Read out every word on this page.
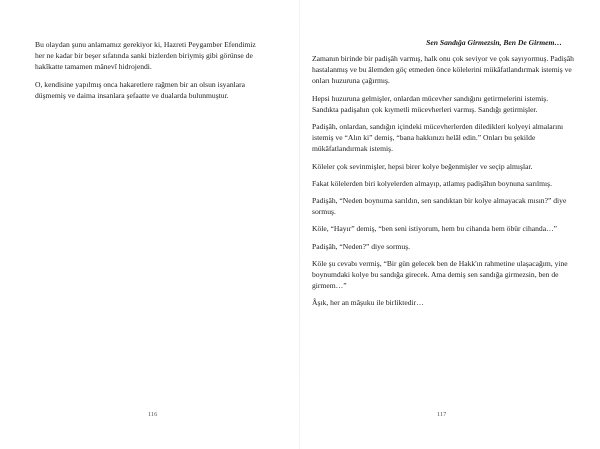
Bu olaydan şunu anlamamız gerekiyor ki, Hazreti Peygamber Efendimiz her ne kadar bir beşer sıfatında sanki bizlerden biriymiş gibi görünse de hakîkatte tamamen mânevî hidrojendi.

O, kendisine yapılmış onca hakaretlere rağmen bir an olsun isyanlara düşmemiş ve daima insanlara şefaatte ve dualarda bulunmuştur.

116
Sen Sandığa Girmezsin, Ben De Girmem…

Zamanın birinde bir padişâh varmış, halk onu çok seviyor ve çok sayıyormuş. Padişâh hastalanmış ve bu âlemden göç etmeden önce kölelerini mükâfatlandırmak istemiş ve onları huzuruna çağırmış.

Hepsi huzuruna gelmişler, onlardan mücevher sandığını getirmelerini istemiş. Sandıkta padişahın çok kıymetli mücevherleri varmış. Sandığı getirmişler.

Padişâh, onlardan, sandığın içindeki mücevherlerden diledikleri kolyeyi almalarını istemiş ve “Alın ki” demiş, “bana hakkınızı helâl edin.” Onları bu şekilde mükâfatlandırmak istemiş.

Köleler çok sevinmişler, hepsi birer kolye beğenmişler ve seçip almışlar.

Fakat kölelerden biri kolyelerden almayıp, atlamış padişâhın boynuna sarılmış.

Padişâh, “Neden boynuma sarıldın, sen sandıktan bir kolye almayacak mısın?” diye sormuş.

Köle, “Hayır” demiş, “ben seni istiyorum, hem bu cihanda hem öbür cihanda…”

Padişâh, “Neden?” diye sormuş.

Köle şu cevabı vermiş, “Bir gün gelecek ben de Hakk'ın rahmetine ulaşacağım, yine boynumdaki kolye bu sandığa girecek. Ama demiş sen sandığa girmezsin, ben de girmem…”

Âşık, her an mâşuku ile birliktedir…

117
